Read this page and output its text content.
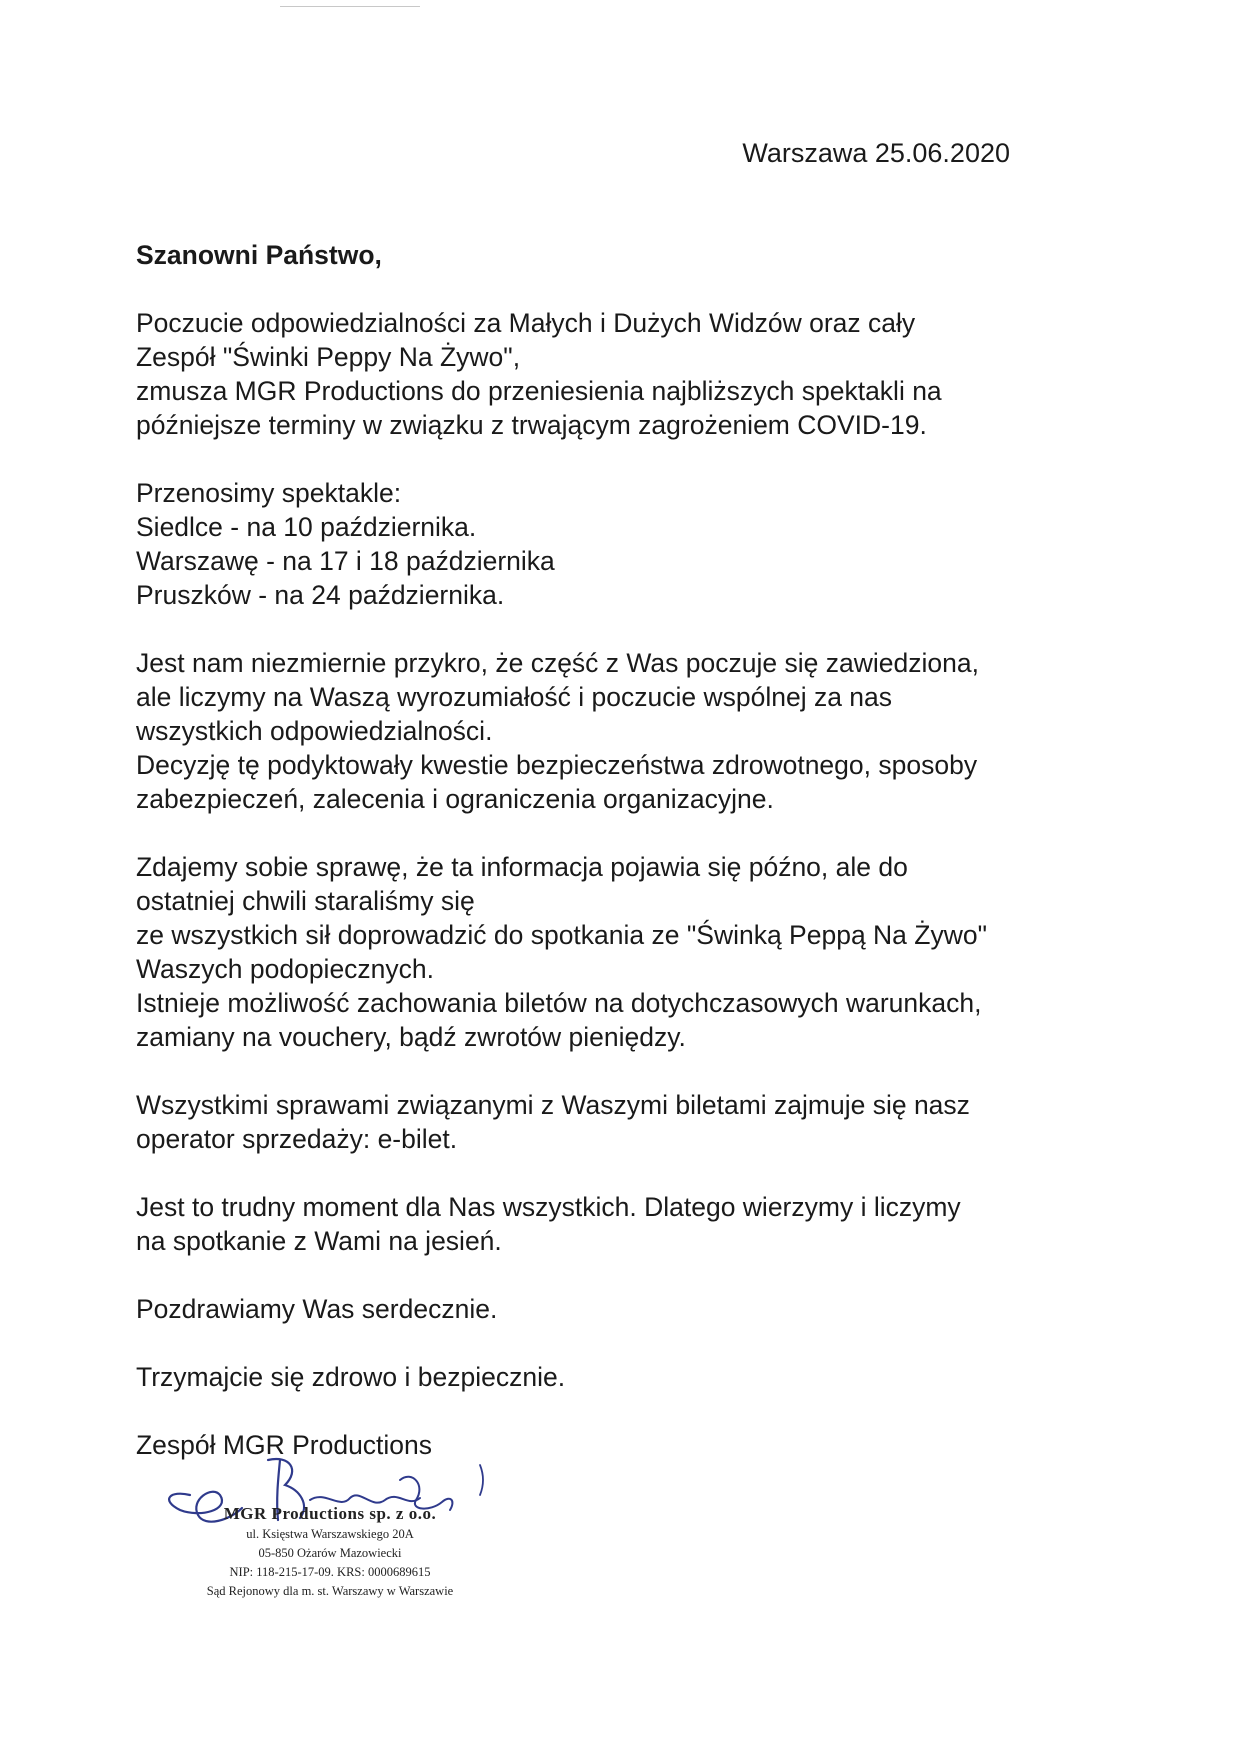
Warszawa 25.06.2020

Szanowni Państwo,

Poczucie odpowiedzialności za Małych i Dużych Widzów oraz cały

Zespół "Świnki Peppy Na Żywo",

zmusza MGR Productions do przeniesienia najbliższych spektakli na

późniejsze terminy w związku z trwającym zagrożeniem COVID-19.

Przenosimy spektakle:

Siedlce - na 10 października.

Warszawę - na 17 i 18 października

Pruszków - na 24 października.

Jest nam niezmiernie przykro, że część z Was poczuje się zawiedziona,

ale liczymy na Waszą wyrozumiałość i poczucie wspólnej za nas

wszystkich odpowiedzialności.

Decyzję tę podyktowały kwestie bezpieczeństwa zdrowotnego, sposoby

zabezpieczeń, zalecenia i ograniczenia organizacyjne.

Zdajemy sobie sprawę, że ta informacja pojawia się późno, ale do

ostatniej chwili staraliśmy się

ze wszystkich sił doprowadzić do spotkania ze "Świnką Peppą Na Żywo"

Waszych podopiecznych.

Istnieje możliwość zachowania biletów na dotychczasowych warunkach,

zamiany na vouchery, bądź zwrotów pieniędzy.

Wszystkimi sprawami związanymi z Waszymi biletami zajmuje się nasz

operator sprzedaży: e-bilet.

Jest to trudny moment dla Nas wszystkich. Dlatego wierzymy i liczymy

na spotkanie z Wami na jesień.

Pozdrawiamy Was serdecznie.

Trzymajcie się zdrowo i bezpiecznie.

Zespół MGR Productions

MGR Productions sp. z o.o.

ul. Księstwa Warszawskiego 20A

05-850 Ożarów Mazowiecki

NIP: 118-215-17-09. KRS: 0000689615

Sąd Rejonowy dla m. st. Warszawy w Warszawie
